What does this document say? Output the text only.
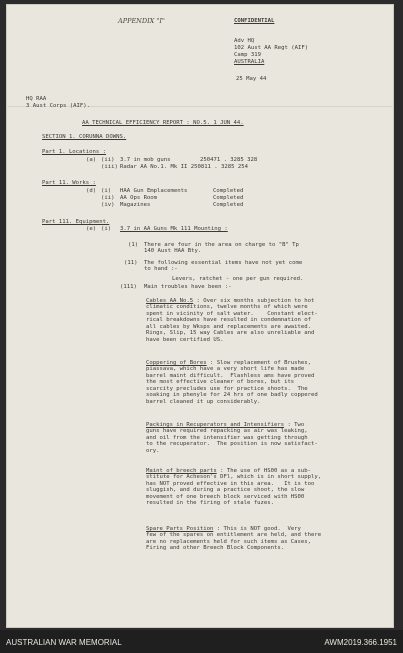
APPENDIX "I"	CONFIDENTIAL
Adv HQ
102 Aust AA Regt (AIF)
Camp 319
AUSTRALIA
25 May 44
HQ RAA
3 Aust Corps (AIF).
AA TECHNICAL EFFICIENCY REPORT : NO.5. 1 JUN 44.
SECTION 1. CORUNNA DOWNS.
Part 1. Locations :
(a) (ii) 3.7 in mob guns	250471 . 3285 328
(iii) Radar AA No.1. Mk II 250811 . 3285 254
Part 11. Works :
(d) (i)	HAA Gun Emplacements	Completed
(ii) AA Ops Room	Completed
(iv) Magazines	Completed
Part 111. Equipment.
(e) (i)	3.7 in AA Guns Mk 111 Mounting :
(1) There are four in the area on charge to "B" Tp
140 Aust HAA Bty.
(11) The following essential items have not yet come
to hand :-
Levers, ratchet - one per gun required.
(111) Main troubles have been :-
Cables AA No.5 : Over six months subjection to hot
climatic conditions, twelve months of which were
spent in vicinity of salt water.    Constant elect-
rical breakdowns have resulted in condemnation of
all cables by Wksps and replacements are awaited.
Rings, Slip, 15 way Cables are also unreliable and
have been certified US.
Coppering of Bores : Slow replacement of Brushes,
piassava, which have a very short life has made
barrel maint difficult.  Flashless ams have proved
the most effective cleaner of bores, but its
scarcity precludes use for practice shoots.  The
soaking in phenyle for 24 hrs of one badly coppered
barrel cleaned it up considerably.
Packings in Recuperators and Intensifiers : Two
guns have required repacking as air was leaking,
and oil from the intensifier was getting through
to the recuperator.  The position is now satisfact-
ory.
Maint of breech parts : The use of HS00 as a sub-
stitute for Acheson's DFl, which is in short supply,
has NOT proved effective in this area.   It is too
sluggish, and during a practice shoot, the slow
movement of one breech block serviced with HS00
resulted in the firing of stale fuzes.
Spare Parts Position : This is NOT good.  Very
few of the spares on entitlement are held, and there
are no replacements held for such items as Cases,
Firing and other Breech Block Components.
AUSTRALIAN WAR MEMORIAL	AWM2019.366.1951
